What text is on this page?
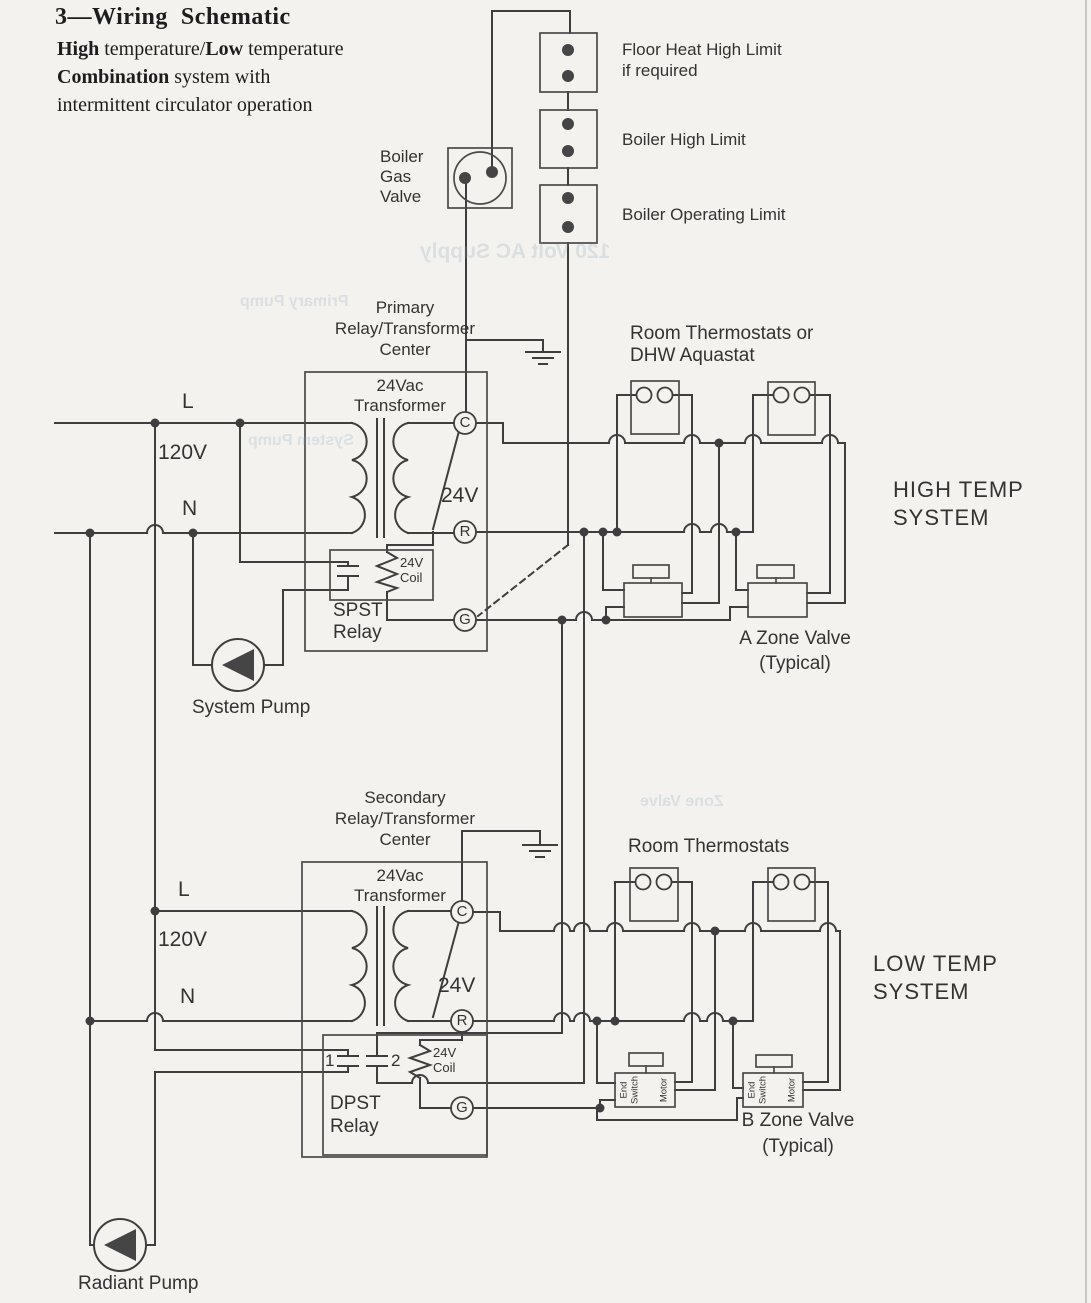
3—Wiring  Schematic
High temperature/Low temperature
Combination system with
intermittent circulator operation
Boiler
Gas
Valve
Floor Heat High Limit
if required
Boiler High Limit
Boiler Operating Limit
Primary
Relay/Transformer
Center
24Vac
Transformer
L
120V
N
24V
C
R
G
C
R
G
24V
Coil
SPST
Relay
System Pump
Room Thermostats or
DHW Aquastat
HIGH TEMP
SYSTEM
A Zone Valve
(Typical)
Secondary
Relay/Transformer
Center
24Vac
Transformer
L
120V
N	24V
1	2	24V
Coil
DPST
Relay
Room Thermostats
LOW TEMP
SYSTEM
B Zone Valve
(Typical)
End Switch Motor	End Switch Motor
Radiant Pump
120 Volt AC Supply
Primary Pump
System Pump
Zone Valve
